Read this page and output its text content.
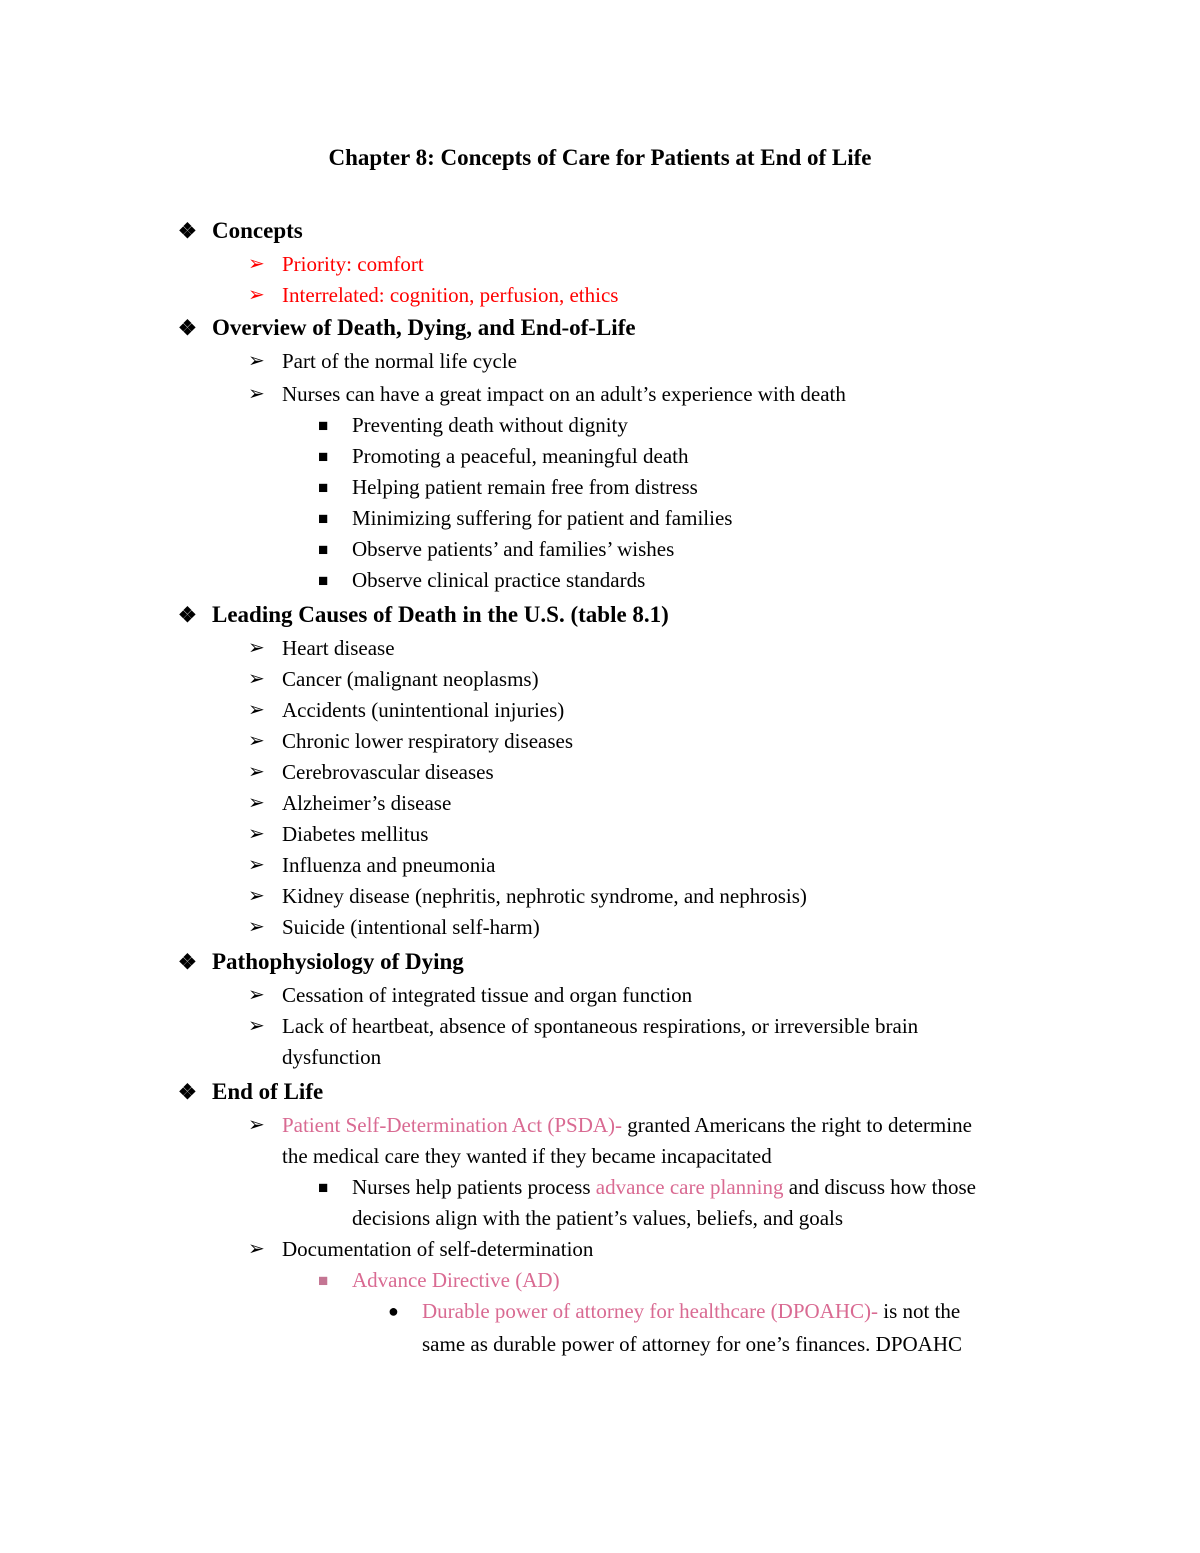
Chapter 8: Concepts of Care for Patients at End of Life
❖ Concepts
➢ Priority: comfort
➢ Interrelated: cognition, perfusion, ethics
❖ Overview of Death, Dying, and End-of-Life
➢ Part of the normal life cycle
➢ Nurses can have a great impact on an adult’s experience with death
■	Preventing death without dignity
■	Promoting a peaceful, meaningful death
■	Helping patient remain free from distress
■	Minimizing suffering for patient and families
■	Observe patients’ and families’ wishes
■	Observe clinical practice standards
❖ Leading Causes of Death in the U.S. (table 8.1)
➢ Heart disease
➢ Cancer (malignant neoplasms)
➢ Accidents (unintentional injuries)
➢ Chronic lower respiratory diseases
➢ Cerebrovascular diseases
➢ Alzheimer’s disease
➢ Diabetes mellitus
➢ Influenza and pneumonia
➢ Kidney disease (nephritis, nephrotic syndrome, and nephrosis)
➢ Suicide (intentional self-harm)
❖ Pathophysiology of Dying
➢ Cessation of integrated tissue and organ function
➢ Lack of heartbeat, absence of spontaneous respirations, or irreversible brain
dysfunction
❖ End of Life
➢ Patient Self-Determination Act (PSDA)- granted Americans the right to determine
the medical care they wanted if they became incapacitated
■	Nurses help patients process advance care planning and discuss how those
decisions align with the patient’s values, beliefs, and goals
➢ Documentation of self-determination
■	Advance Directive (AD)
●	Durable power of attorney for healthcare (DPOAHC)- is not the
same as durable power of attorney for one’s finances. DPOAHC
